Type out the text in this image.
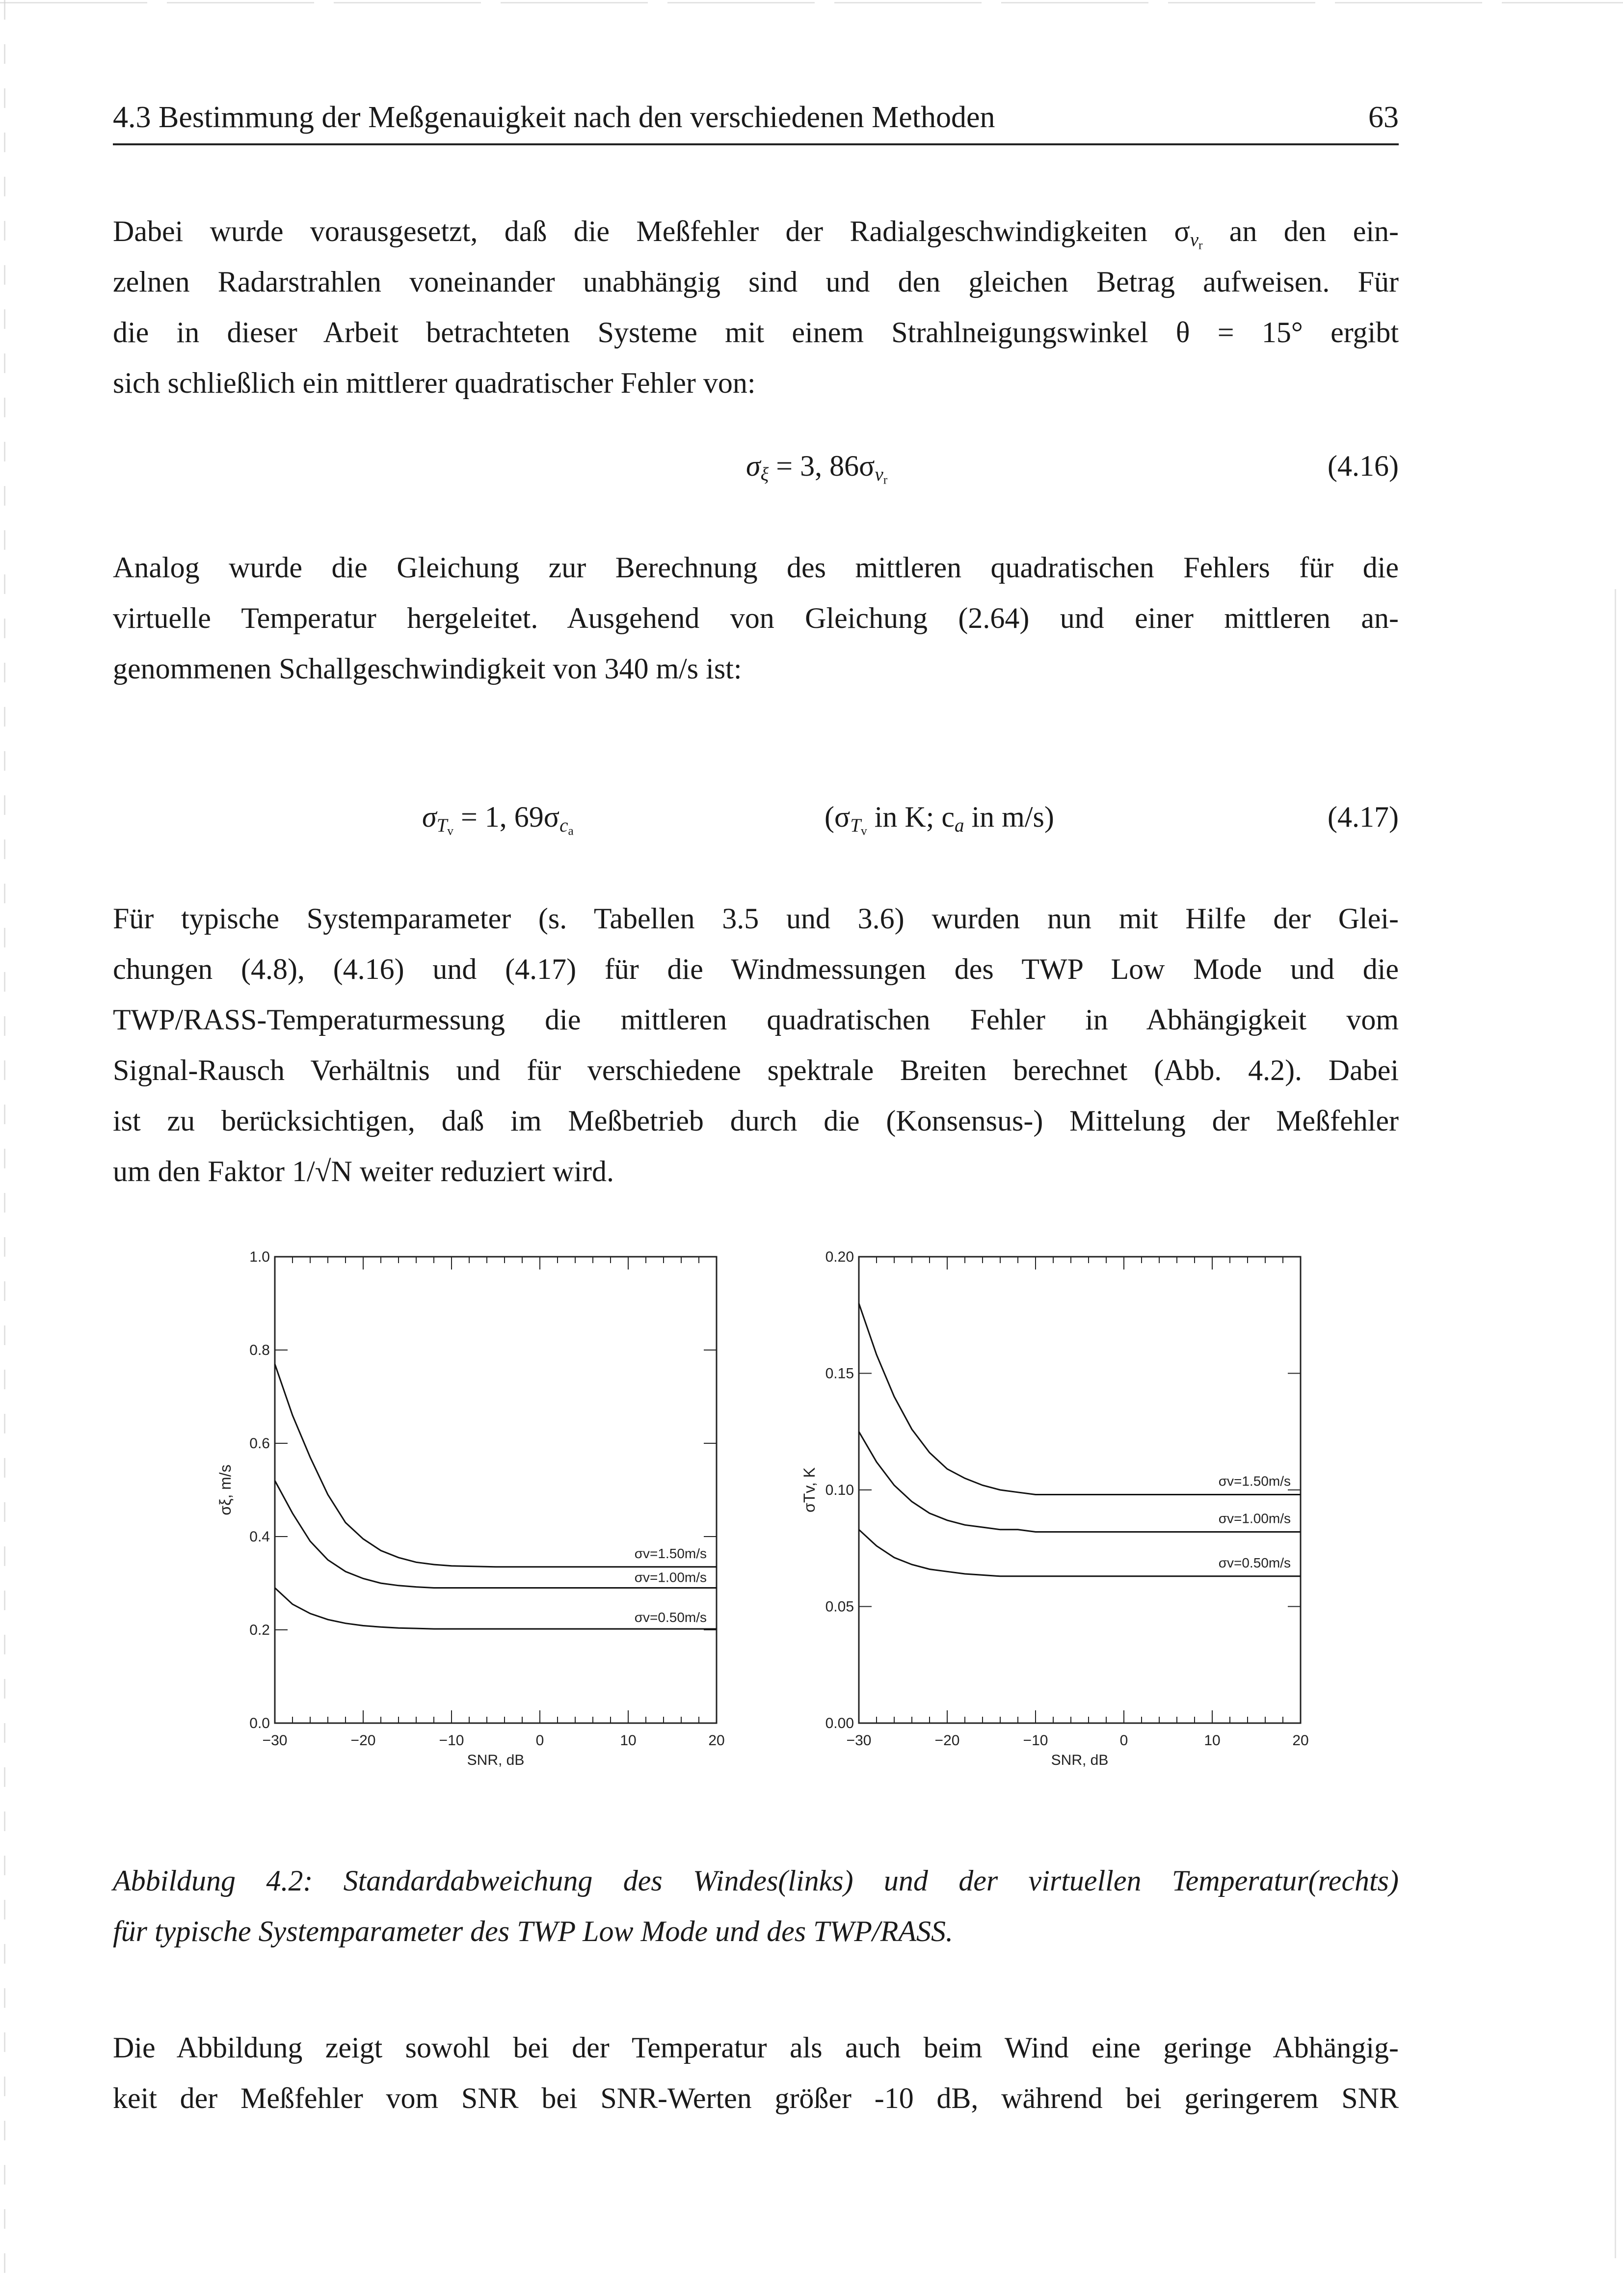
4.3 Bestimmung der Meßgenauigkeit nach den verschiedenen Methoden	63
Dabei wurde vorausgesetzt, daß die Meßfehler der Radialgeschwindigkeiten $\sigma_{v_r}$ an den ein-
zelnen Radarstrahlen voneinander unabhängig sind und den gleichen Betrag aufweisen. Für
die in dieser Arbeit betrachteten Systeme mit einem Strahlneigungswinkel θ = 15° ergibt
sich schließlich ein mittlerer quadratischer Fehler von:
$\sigma_\xi = 3$, $86\sigma_{v_r}$	(4.16)
Analog wurde die Gleichung zur Berechnung des mittleren quadratischen Fehlers für die
virtuelle Temperatur hergeleitet. Ausgehend von Gleichung (2.64) und einer mittleren an-
genommenen Schallgeschwindigkeit von 340 m/s ist:
$\sigma_{T_v} = 1$, $69\sigma_{c_a}$	($\sigma_{T_v}$ in K; $c_a$ in m/s)	(4.17)
Für typische Systemparameter (s. Tabellen 3.5 und 3.6) wurden nun mit Hilfe der Glei-
chungen (4.8), (4.16) und (4.17) für die Windmessungen des TWP Low Mode und die
TWP/RASS-Temperaturmessung die mittleren quadratischen Fehler in Abhängigkeit vom
Signal-Rausch Verhältnis und für verschiedene spektrale Breiten berechnet (Abb. 4.2). Dabei
ist zu berücksichtigen, daß im Meßbetrieb durch die (Konsensus-) Mittelung der Meßfehler
um den Faktor 1/√N weiter reduziert wird.
0.0
0.2
0.4
0.6
0.8
1.0
−30	−20	−10	0	10	20
SNR, dB
σξ, m/s
σv=1.50m/s
σv=1.00m/s
σv=0.50m/s
0.00
0.05
0.10
0.15
0.20
−30	−20	−10	0	10	20
SNR, dB
σTv, K	σv=1.50m/s
σv=1.00m/s
σv=0.50m/s
Abbildung 4.2: Standardabweichung des Windes(links) und der virtuellen Temperatur(rechts)
für typische Systemparameter des TWP Low Mode und des TWP/RASS.
Die Abbildung zeigt sowohl bei der Temperatur als auch beim Wind eine geringe Abhängig-
keit der Meßfehler vom SNR bei SNR-Werten größer -10 dB, während bei geringerem SNR
